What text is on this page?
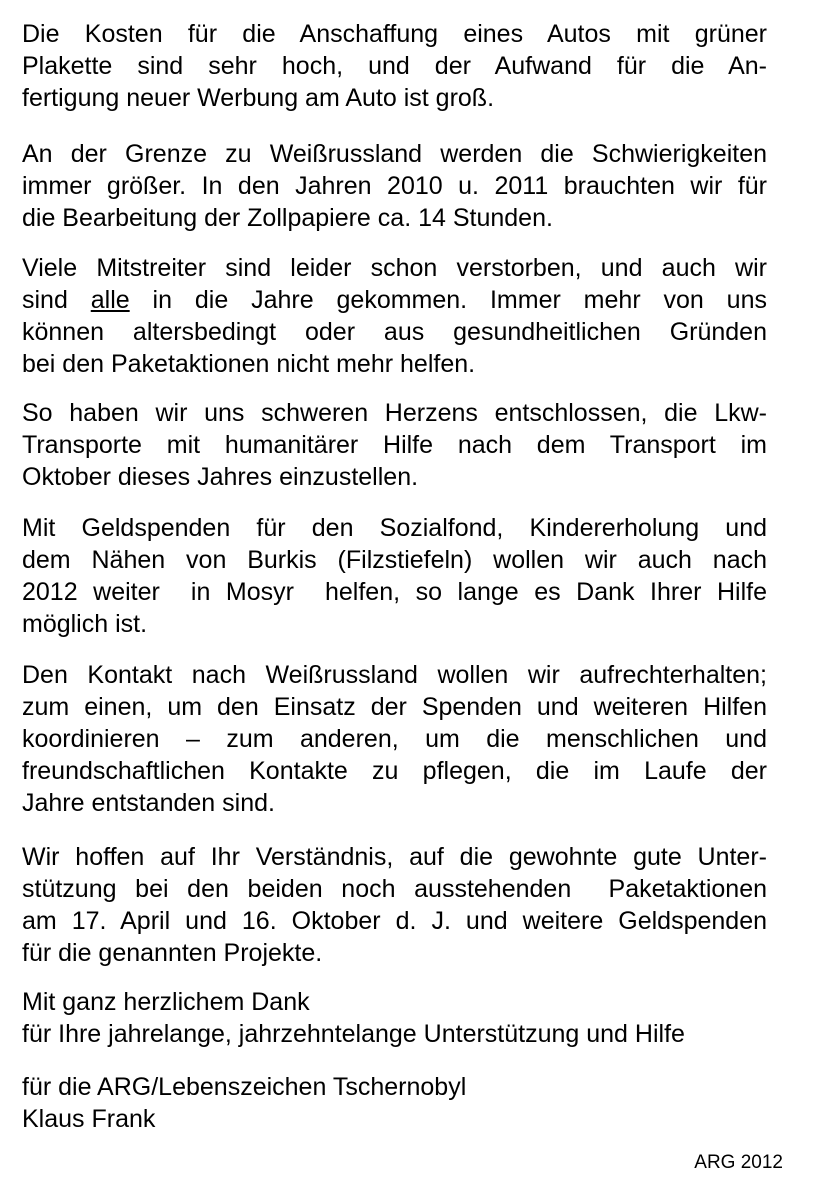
Die Kosten für die Anschaffung eines Autos mit grüner
Plakette sind sehr hoch, und der Aufwand für die An-
fertigung neuer Werbung am Auto ist groß.
An der Grenze zu Weißrussland werden die Schwierigkeiten
immer größer. In den Jahren 2010 u. 2011 brauchten wir für
die Bearbeitung der Zollpapiere ca. 14 Stunden.
Viele Mitstreiter sind leider schon verstorben, und auch wir
sind alle in die Jahre gekommen. Immer mehr von uns
können altersbedingt oder aus gesundheitlichen Gründen
bei den Paketaktionen nicht mehr helfen.
So haben wir uns schweren Herzens entschlossen, die Lkw-
Transporte mit humanitärer Hilfe nach dem Transport im
Oktober dieses Jahres einzustellen.
Mit Geldspenden für den Sozialfond, Kindererholung und
dem Nähen von Burkis (Filzstiefeln) wollen wir auch nach
2012 weiter  in Mosyr  helfen, so lange es Dank Ihrer Hilfe
möglich ist.
Den Kontakt nach Weißrussland wollen wir aufrechterhalten;
zum einen, um den Einsatz der Spenden und weiteren Hilfen
koordinieren – zum anderen, um die menschlichen und
freundschaftlichen Kontakte zu pflegen, die im Laufe der
Jahre entstanden sind.
Wir hoffen auf Ihr Verständnis, auf die gewohnte gute Unter-
stützung bei den beiden noch ausstehenden  Paketaktionen
am 17. April und 16. Oktober d. J. und weitere Geldspenden
für die genannten Projekte.
Mit ganz herzlichem Dank
für Ihre jahrelange, jahrzehntelange Unterstützung und Hilfe
für die ARG/Lebenszeichen Tschernobyl
Klaus Frank
ARG 2012
